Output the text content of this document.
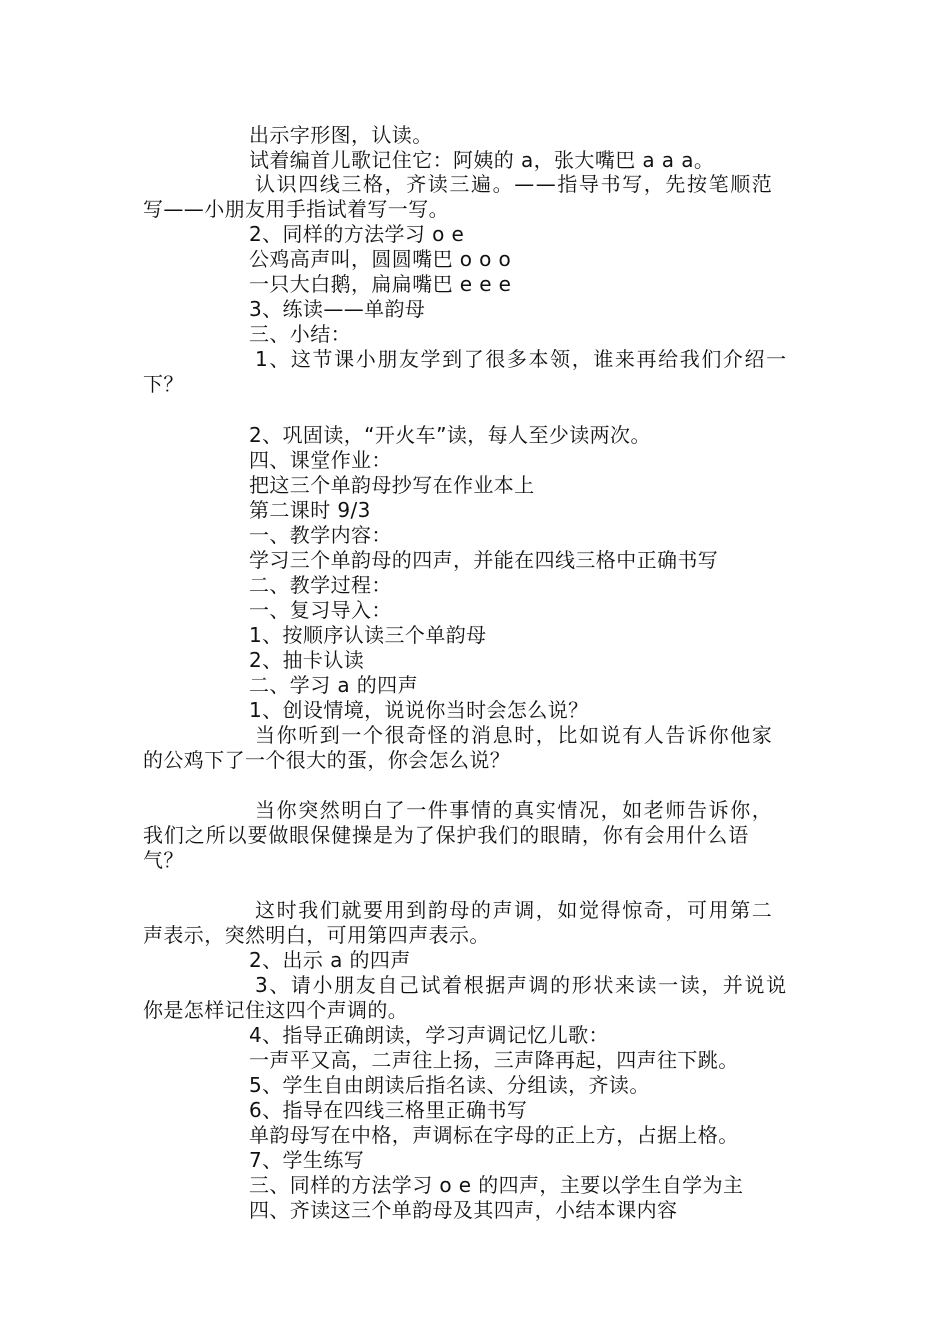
出示字形图，认读。
试着编首儿歌记住它：阿姨的 a，张大嘴巴 a a a。
认识四线三格，齐读三遍。——指导书写，先按笔顺范
写——小朋友用手指试着写一写。
2、同样的方法学习 o e
公鸡高声叫，圆圆嘴巴 o o o
一只大白鹅，扁扁嘴巴 e e e
3、练读——单韵母
三、小结：
1、这节课小朋友学到了很多本领，谁来再给我们介绍一
下？
2、巩固读，“开火车”读，每人至少读两次。
四、课堂作业：
把这三个单韵母抄写在作业本上
第二课时 9/3
一、教学内容：
学习三个单韵母的四声，并能在四线三格中正确书写
二、教学过程：
一、复习导入：
1、按顺序认读三个单韵母
2、抽卡认读
二、学习 a 的四声
1、创设情境，说说你当时会怎么说？
当你听到一个很奇怪的消息时，比如说有人告诉你他家
的公鸡下了一个很大的蛋，你会怎么说？
当你突然明白了一件事情的真实情况，如老师告诉你，
我们之所以要做眼保健操是为了保护我们的眼睛，你有会用什么语
气？
这时我们就要用到韵母的声调，如觉得惊奇，可用第二
声表示，突然明白，可用第四声表示。
2、出示 a 的四声
3、请小朋友自己试着根据声调的形状来读一读，并说说
你是怎样记住这四个声调的。
4、指导正确朗读，学习声调记忆儿歌：
一声平又高，二声往上扬，三声降再起，四声往下跳。
5、学生自由朗读后指名读、分组读，齐读。
6、指导在四线三格里正确书写
单韵母写在中格，声调标在字母的正上方，占据上格。
7、学生练写
三、同样的方法学习 o e 的四声，主要以学生自学为主
四、齐读这三个单韵母及其四声，小结本课内容
